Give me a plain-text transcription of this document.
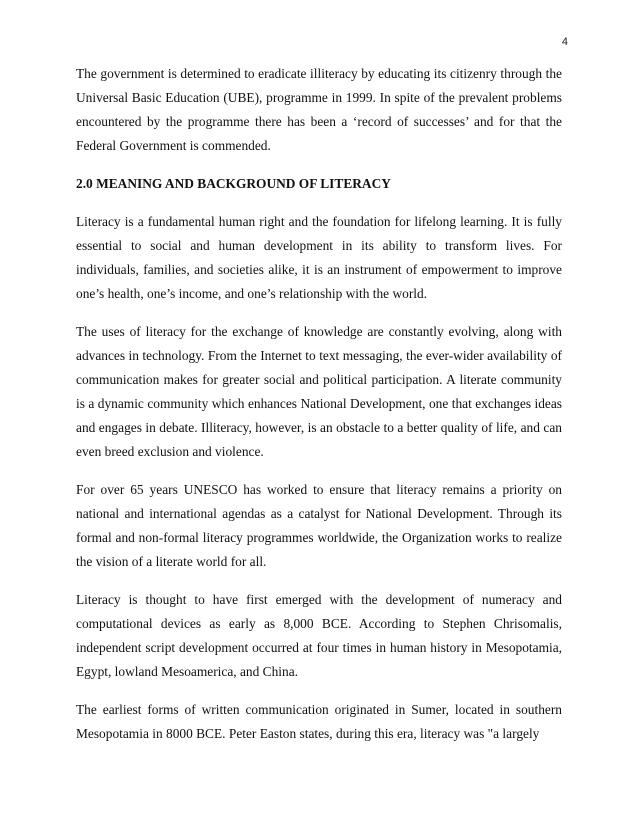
4

The government is determined to eradicate illiteracy by educating its citizenry through the Universal Basic Education (UBE), programme in 1999. In spite of the prevalent problems encountered by the programme there has been a ‘record of successes’ and for that the Federal Government is commended.

2.0 MEANING AND BACKGROUND OF LITERACY

Literacy is a fundamental human right and the foundation for lifelong learning. It is fully essential to social and human development in its ability to transform lives. For individuals, families, and societies alike, it is an instrument of empowerment to improve one’s health, one’s income, and one’s relationship with the world.

The uses of literacy for the exchange of knowledge are constantly evolving, along with advances in technology. From the Internet to text messaging, the ever-wider availability of communication makes for greater social and political participation. A literate community is a dynamic community which enhances National Development, one that exchanges ideas and engages in debate. Illiteracy, however, is an obstacle to a better quality of life, and can even breed exclusion and violence.

For over 65 years UNESCO has worked to ensure that literacy remains a priority on national and international agendas as a catalyst for National Development. Through its formal and non-formal literacy programmes worldwide, the Organization works to realize the vision of a literate world for all.

Literacy is thought to have first emerged with the development of numeracy and computational devices as early as 8,000 BCE. According to Stephen Chrisomalis, independent script development occurred at four times in human history in Mesopotamia, Egypt, lowland Mesoamerica, and China.

The earliest forms of written communication originated in Sumer, located in southern Mesopotamia in 8000 BCE. Peter Easton states, during this era, literacy was "a largely
